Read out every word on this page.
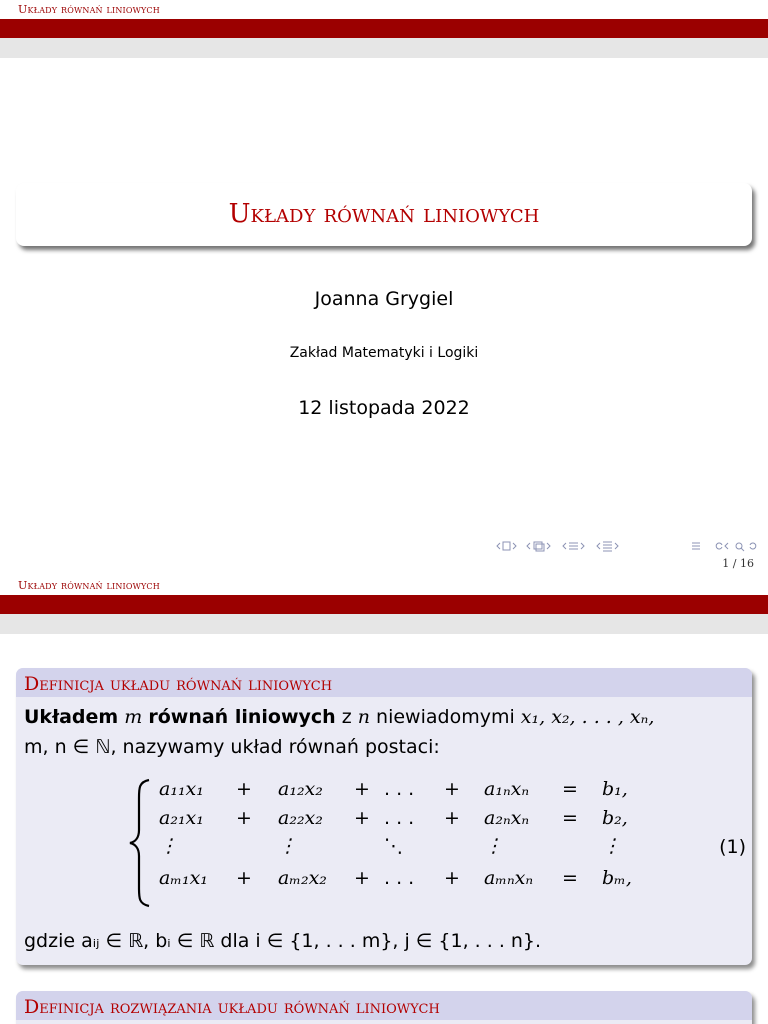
Układy równań liniowych
Układy równań liniowych
Joanna Grygiel
Zakład Matematyki i Logiki
12 listopada 2022
1 / 16
Układy równań liniowych
Definicja układu równań liniowych
Układem m równań liniowych z n niewiadomymi x₁, x₂, . . . , xₙ,
m, n ∈ ℕ, nazywamy układ równań postaci:
a₁₁x₁ + a₁₂x₂ + . . . + a₁ₙxₙ = b₁,
a₂₁x₁ + a₂₂x₂ + . . . + a₂ₙxₙ = b₂,
⋮	⋮	⋱	⋮	⋮
aₘ₁x₁ + aₘ₂x₂ + . . . + aₘₙxₙ = bₘ,
(1)
gdzie aᵢⱼ ∈ ℝ, bᵢ ∈ ℝ dla i ∈ {1, . . . m}, j ∈ {1, . . . n}.
Definicja rozwiązania układu równań liniowych
